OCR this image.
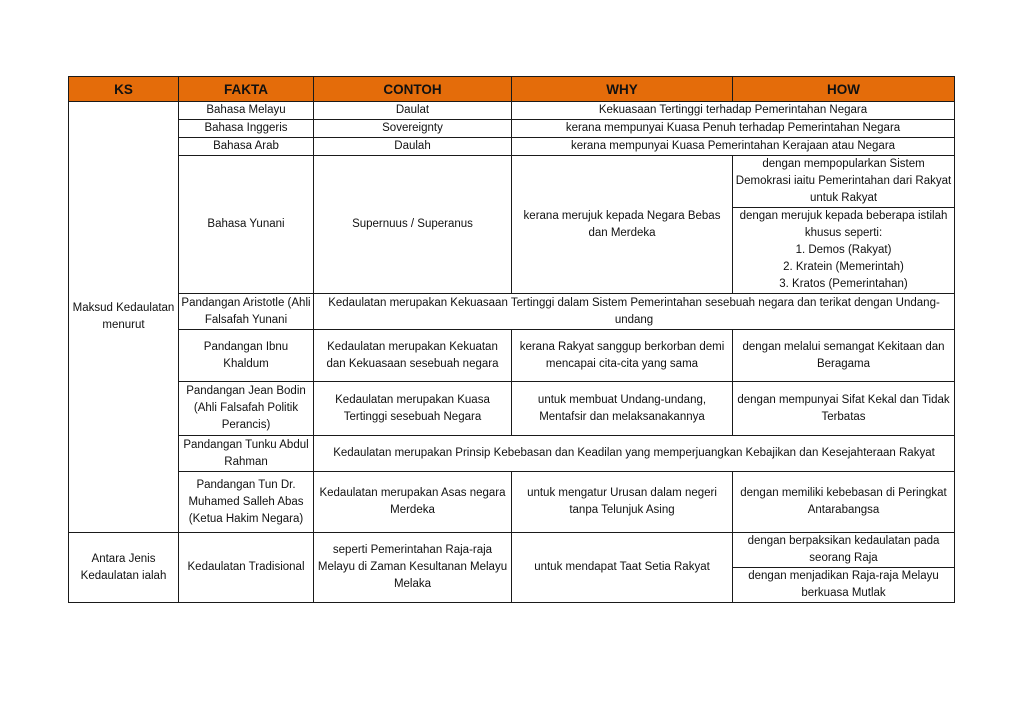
KS	FAKTA	CONTOH	WHY	HOW
Maksud Kedaulatan menurut	Bahasa Melayu	Daulat	Kekuasaan Tertinggi terhadap Pemerintahan Negara	
	Bahasa Inggeris	Sovereignty	kerana mempunyai Kuasa Penuh terhadap Pemerintahan Negara	
	Bahasa Arab	Daulah	kerana mempunyai Kuasa Pemerintahan Kerajaan atau Negara	
	Bahasa Yunani	Supernuus / Superanus	kerana merujuk kepada Negara Bebas dan Merdeka	dengan mempopularkan Sistem Demokrasi iaitu Pemerintahan dari Rakyat untuk Rakyat

				dengan merujuk kepada beberapa istilah khusus seperti:
1. Demos (Rakyat)
2. Kratein (Memerintah)
3. Kratos (Pemerintahan)

	Pandangan Aristotle (Ahli Falsafah Yunani	Kedaulatan merupakan Kekuasaan Tertinggi dalam Sistem Pemerintahan sesebuah negara dan terikat dengan Undang-undang		
	Pandangan Ibnu Khaldum	Kedaulatan merupakan Kekuatan dan Kekuasaan sesebuah negara	kerana Rakyat sanggup berkorban demi mencapai cita-cita yang sama	dengan melalui semangat Kekitaan dan Beragama
	Pandangan Jean Bodin (Ahli Falsafah Politik Perancis)	Kedaulatan merupakan Kuasa Tertinggi sesebuah Negara	untuk membuat Undang-undang, Mentafsir dan melaksanakannya	dengan mempunyai Sifat Kekal dan Tidak Terbatas
	Pandangan Tunku Abdul Rahman	Kedaulatan merupakan Prinsip Kebebasan dan Keadilan yang memperjuangkan Kebajikan dan Kesejahteraan Rakyat		
	Pandangan Tun Dr. Muhamed Salleh Abas (Ketua Hakim Negara)	Kedaulatan merupakan Asas negara Merdeka	untuk mengatur Urusan dalam negeri tanpa Telunjuk Asing	dengan memiliki kebebasan di Peringkat Antarabangsa
Antara Jenis Kedaulatan ialah	Kedaulatan Tradisional	seperti Pemerintahan Raja-raja Melayu di Zaman Kesultanan Melayu Melaka	untuk mendapat Taat Setia Rakyat	dengan berpaksikan kedaulatan pada seorang Raja
				dengan menjadikan Raja-raja Melayu berkuasa Mutlak
